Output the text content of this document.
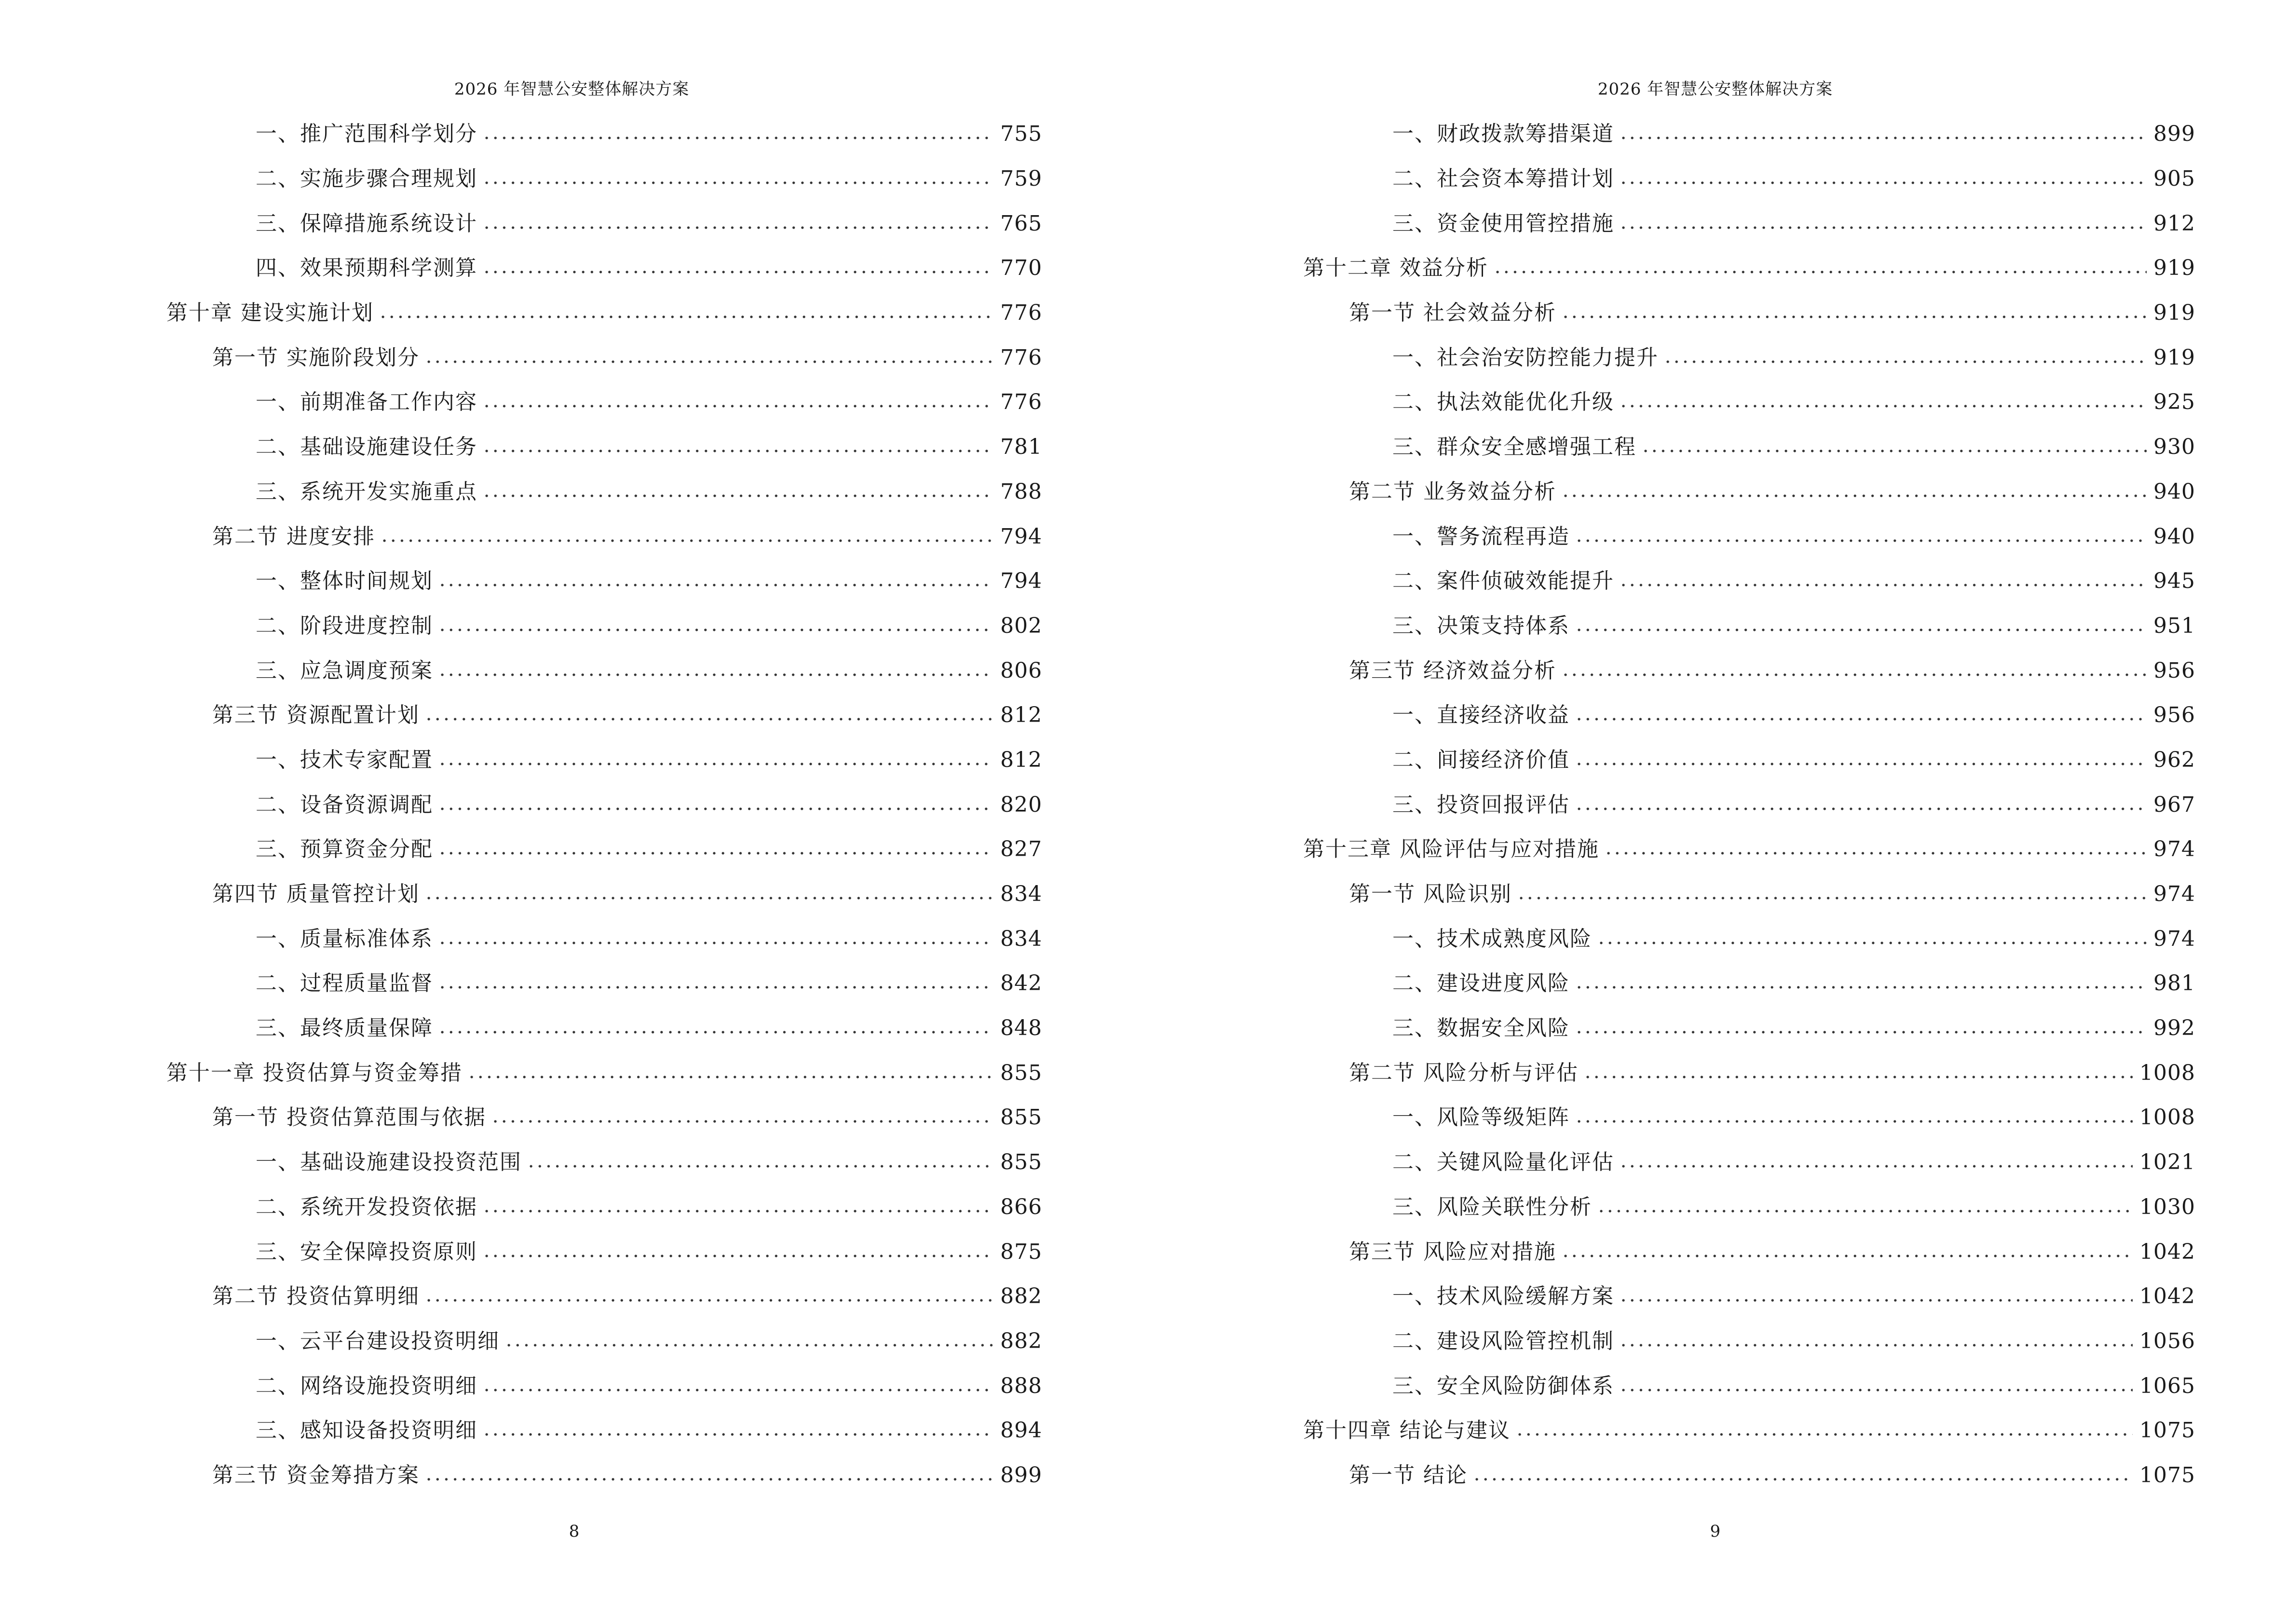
2026 年智慧公安整体解决方案
一、推广范围科学划分	755
二、实施步骤合理规划	759
三、保障措施系统设计	765
四、效果预期科学测算	770
第十章 建设实施计划	776
第一节 实施阶段划分	776
一、前期准备工作内容	776
二、基础设施建设任务	781
三、系统开发实施重点	788
第二节 进度安排	794
一、整体时间规划	794
二、阶段进度控制	802
三、应急调度预案	806
第三节 资源配置计划	812
一、技术专家配置	812
二、设备资源调配	820
三、预算资金分配	827
第四节 质量管控计划	834
一、质量标准体系	834
二、过程质量监督	842
三、最终质量保障	848
第十一章 投资估算与资金筹措	855
第一节 投资估算范围与依据	855
一、基础设施建设投资范围	855
二、系统开发投资依据	866
三、安全保障投资原则	875
第二节 投资估算明细	882
一、云平台建设投资明细	882
二、网络设施投资明细	888
三、感知设备投资明细	894
第三节 资金筹措方案	899
8
2026 年智慧公安整体解决方案
一、财政拨款筹措渠道	899
二、社会资本筹措计划	905
三、资金使用管控措施	912
第十二章 效益分析	919
第一节 社会效益分析	919
一、社会治安防控能力提升	919
二、执法效能优化升级	925
三、群众安全感增强工程	930
第二节 业务效益分析	940
一、警务流程再造	940
二、案件侦破效能提升	945
三、决策支持体系	951
第三节 经济效益分析	956
一、直接经济收益	956
二、间接经济价值	962
三、投资回报评估	967
第十三章 风险评估与应对措施	974
第一节 风险识别	974
一、技术成熟度风险	974
二、建设进度风险	981
三、数据安全风险	992
第二节 风险分析与评估	1008
一、风险等级矩阵	1008
二、关键风险量化评估	1021
三、风险关联性分析	1030
第三节 风险应对措施	1042
一、技术风险缓解方案	1042
二、建设风险管控机制	1056
三、安全风险防御体系	1065
第十四章 结论与建议	1075
第一节 结论	1075
9
